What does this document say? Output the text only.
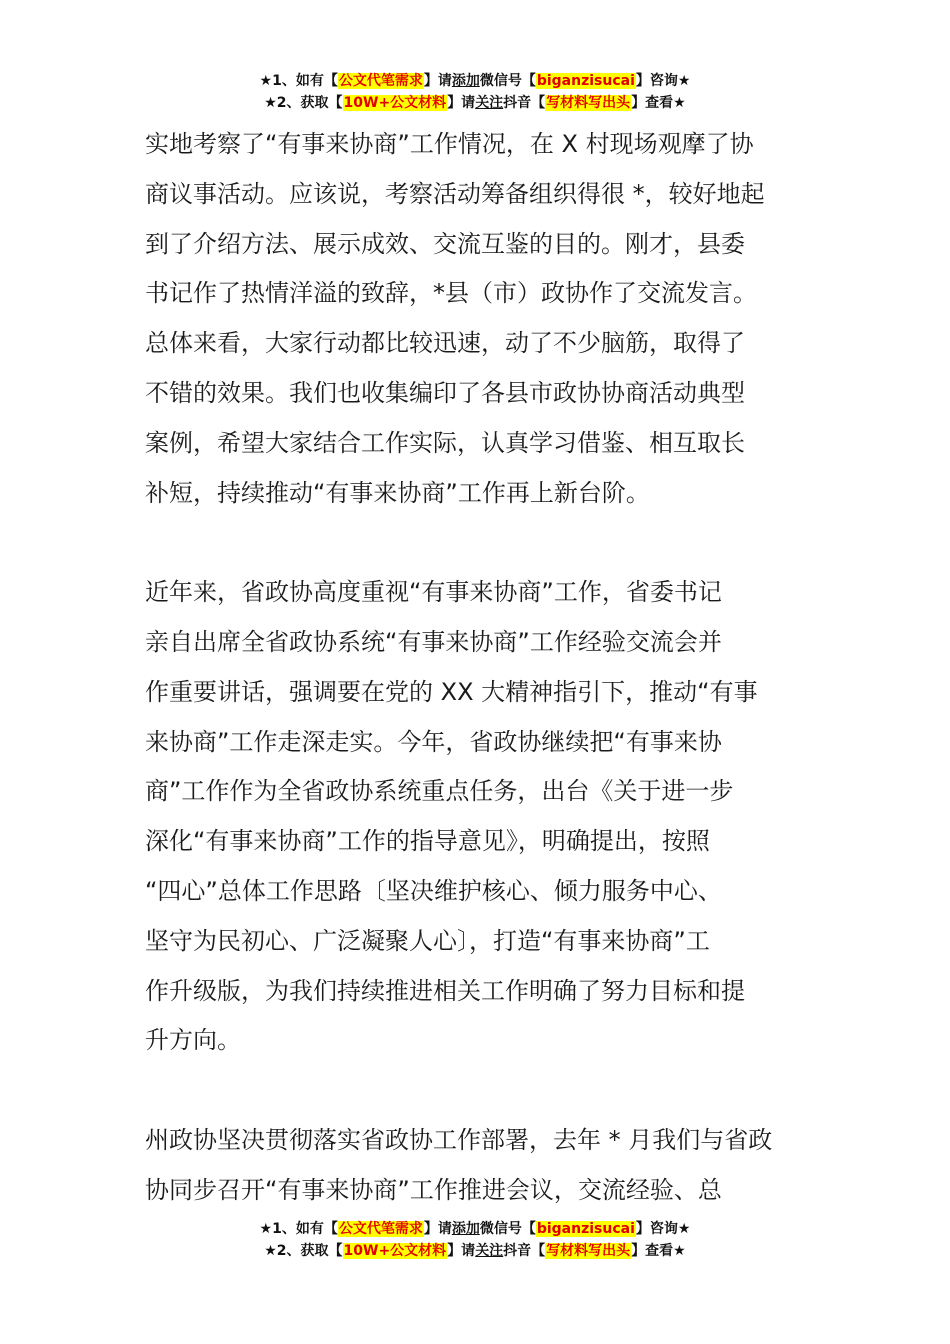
★1、如有【公文代笔需求】请添加微信号【biganzisucai】咨询★
★2、获取【10W+公文材料】请关注抖音【写材料写出头】查看★

实地考察了“有事来协商”工作情况，在 X 村现场观摩了协
商议事活动。应该说，考察活动筹备组织得很 *，较好地起
到了介绍方法、展示成效、交流互鉴的目的。刚才，县委
书记作了热情洋溢的致辞，*县（市）政协作了交流发言。
总体来看，大家行动都比较迅速，动了不少脑筋，取得了
不错的效果。我们也收集编印了各县市政协协商活动典型
案例，希望大家结合工作实际，认真学习借鉴、相互取长
补短，持续推动“有事来协商”工作再上新台阶。

近年来，省政协高度重视“有事来协商”工作，省委书记
亲自出席全省政协系统“有事来协商”工作经验交流会并
作重要讲话，强调要在党的 XX 大精神指引下，推动“有事
来协商”工作走深走实。今年，省政协继续把“有事来协
商”工作作为全省政协系统重点任务，出台《关于进一步
深化“有事来协商”工作的指导意见》，明确提出，按照
“四心”总体工作思路〔坚决维护核心、倾力服务中心、
坚守为民初心、广泛凝聚人心〕，打造“有事来协商”工
作升级版，为我们持续推进相关工作明确了努力目标和提
升方向。

州政协坚决贯彻落实省政协工作部署，去年 * 月我们与省政
协同步召开“有事来协商”工作推进会议，交流经验、总

★1、如有【公文代笔需求】请添加微信号【biganzisucai】咨询★
★2、获取【10W+公文材料】请关注抖音【写材料写出头】查看★
